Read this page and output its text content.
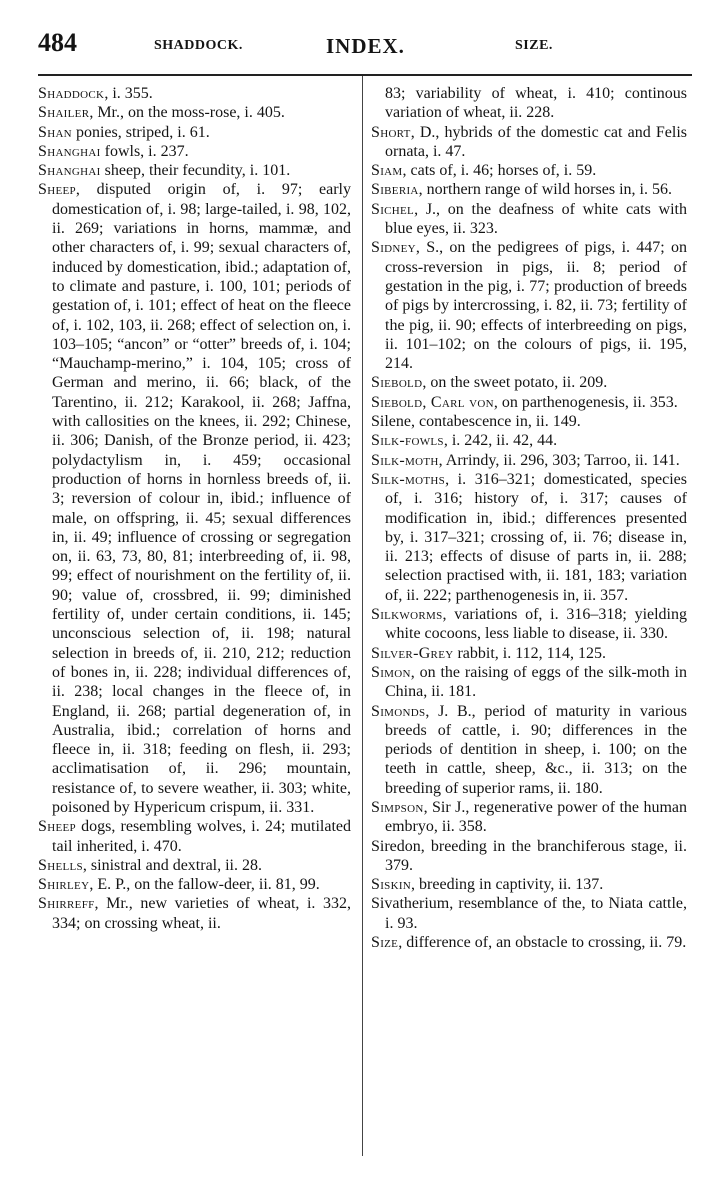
484	SHADDOCK.	INDEX.	SIZE.

Shaddock, i. 355.

Shailer, Mr., on the moss-rose, i. 405.

Shan ponies, striped, i. 61.

Shanghai fowls, i. 237.

Shanghai sheep, their fecundity, i. 101.

Sheep, disputed origin of, i. 97; early domestication of, i. 98; large-tailed, i. 98, 102, ii. 269; variations in horns, mammæ, and other characters of, i. 99; sexual characters of, induced by domestication, ibid.; adaptation of, to climate and pasture, i. 100, 101; periods of gestation of, i. 101; effect of heat on the fleece of, i. 102, 103, ii. 268; effect of selection on, i. 103–105; “ancon” or “otter” breeds of, i. 104; “Mauchamp-merino,” i. 104, 105; cross of German and merino, ii. 66; black, of the Tarentino, ii. 212; Karakool, ii. 268; Jaffna, with callosities on the knees, ii. 292; Chinese, ii. 306; Danish, of the Bronze period, ii. 423; polydactylism in, i. 459; occasional production of horns in hornless breeds of, ii. 3; reversion of colour in, ibid.; influence of male, on offspring, ii. 45; sexual differences in, ii. 49; influence of crossing or segregation on, ii. 63, 73, 80, 81; interbreeding of, ii. 98, 99; effect of nourishment on the fertility of, ii. 90; value of, crossbred, ii. 99; diminished fertility of, under certain conditions, ii. 145; unconscious selection of, ii. 198; natural selection in breeds of, ii. 210, 212; reduction of bones in, ii. 228; individual differences of, ii. 238; local changes in the fleece of, in England, ii. 268; partial degeneration of, in Australia, ibid.; correlation of horns and fleece in, ii. 318; feeding on flesh, ii. 293; acclimatisation of, ii. 296; mountain, resistance of, to severe weather, ii. 303; white, poisoned by Hypericum crispum, ii. 331.

Sheep dogs, resembling wolves, i. 24; mutilated tail inherited, i. 470.

Shells, sinistral and dextral, ii. 28.

Shirley, E. P., on the fallow-deer, ii. 81, 99.

Shirreff, Mr., new varieties of wheat, i. 332, 334; on crossing wheat, ii.

83; variability of wheat, i. 410; continous variation of wheat, ii. 228.

Short, D., hybrids of the domestic cat and Felis ornata, i. 47.

Siam, cats of, i. 46; horses of, i. 59.

Siberia, northern range of wild horses in, i. 56.

Sichel, J., on the deafness of white cats with blue eyes, ii. 323.

Sidney, S., on the pedigrees of pigs, i. 447; on cross-reversion in pigs, ii. 8; period of gestation in the pig, i. 77; production of breeds of pigs by intercrossing, i. 82, ii. 73; fertility of the pig, ii. 90; effects of interbreeding on pigs, ii. 101–102; on the colours of pigs, ii. 195, 214.

Siebold, on the sweet potato, ii. 209.

Siebold, Carl von, on parthenogenesis, ii. 353.

Silene, contabescence in, ii. 149.

Silk-fowls, i. 242, ii. 42, 44.

Silk-moth, Arrindy, ii. 296, 303; Tarroo, ii. 141.

Silk-moths, i. 316–321; domesticated, species of, i. 316; history of, i. 317; causes of modification in, ibid.; differences presented by, i. 317–321; crossing of, ii. 76; disease in, ii. 213; effects of disuse of parts in, ii. 288; selection practised with, ii. 181, 183; variation of, ii. 222; parthenogenesis in, ii. 357.

Silkworms, variations of, i. 316–318; yielding white cocoons, less liable to disease, ii. 330.

Silver-Grey rabbit, i. 112, 114, 125.

Simon, on the raising of eggs of the silk-moth in China, ii. 181.

Simonds, J. B., period of maturity in various breeds of cattle, i. 90; differences in the periods of dentition in sheep, i. 100; on the teeth in cattle, sheep, &c., ii. 313; on the breeding of superior rams, ii. 180.

Simpson, Sir J., regenerative power of the human embryo, ii. 358.

Siredon, breeding in the branchiferous stage, ii. 379.

Siskin, breeding in captivity, ii. 137.

Sivatherium, resemblance of the, to Niata cattle, i. 93.

Size, difference of, an obstacle to crossing, ii. 79.
